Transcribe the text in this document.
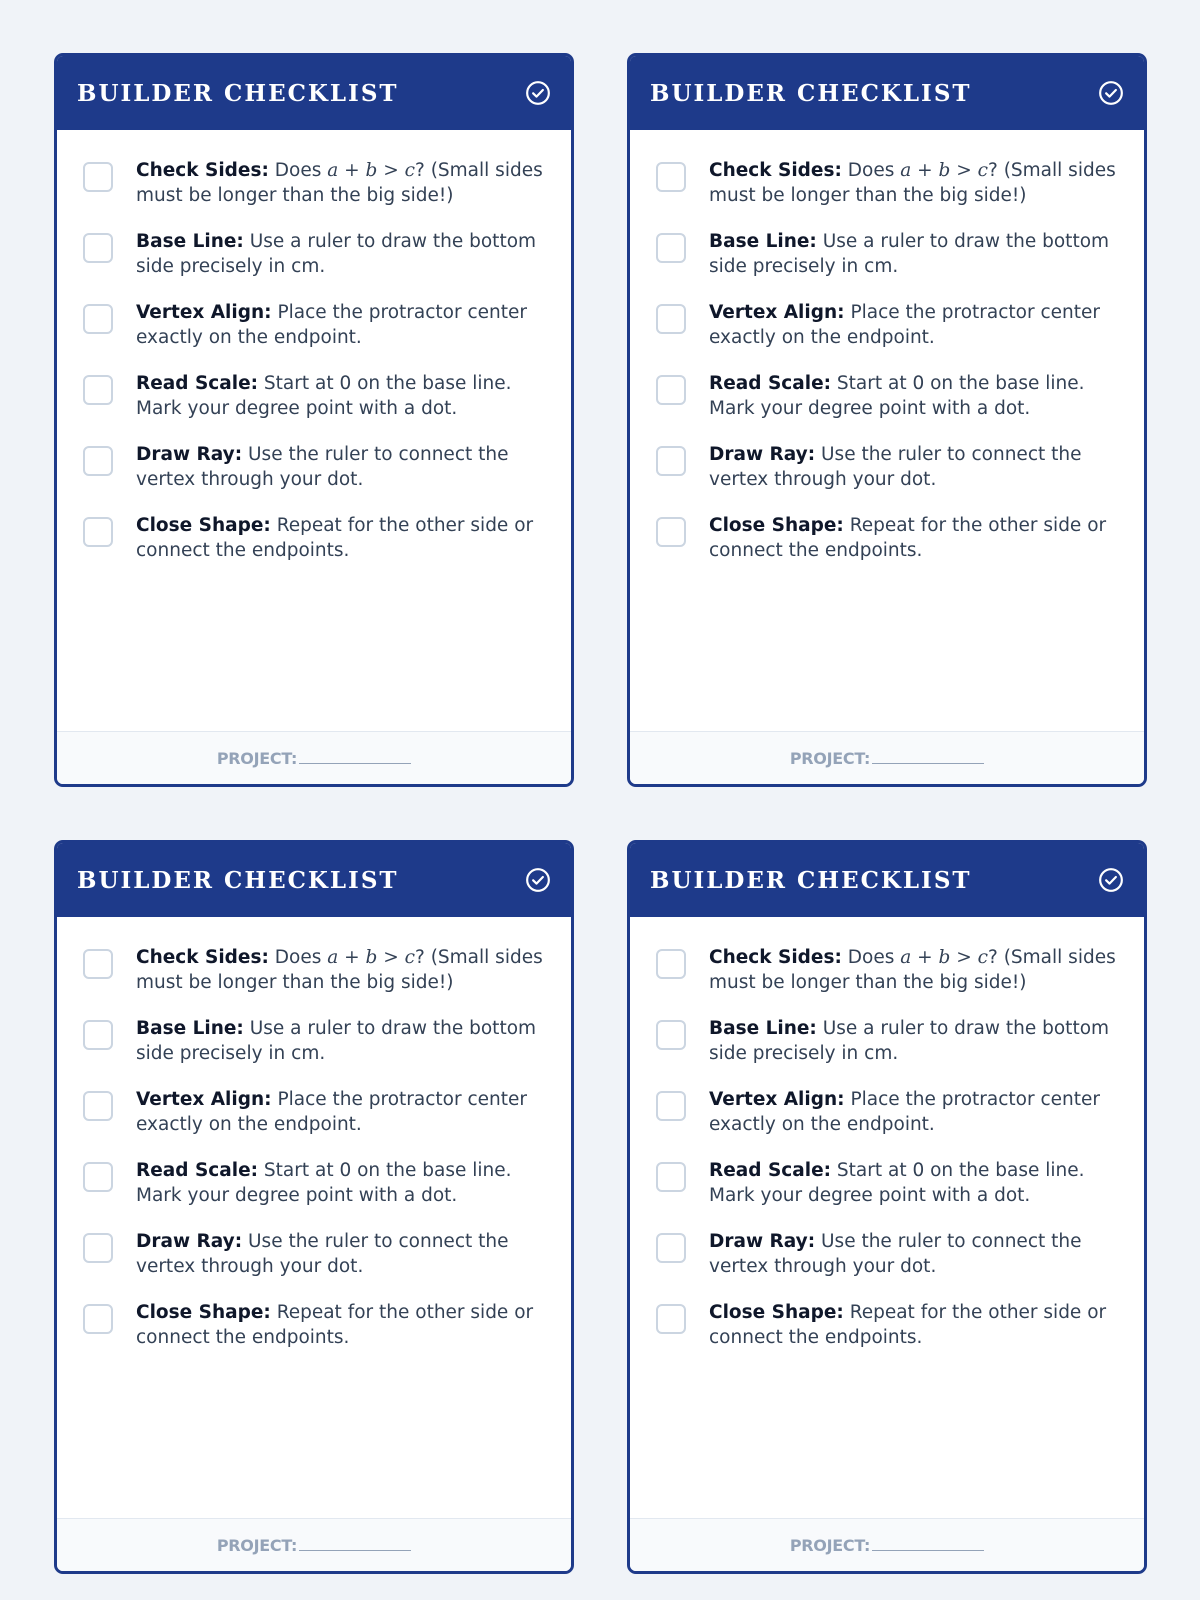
BUILDER CHECKLIST
Check Sides: Does a + b > c? (Small sides must be longer than the big side!)
Base Line: Use a ruler to draw the bottom side precisely in cm.
Vertex Align: Place the protractor center exactly on the endpoint.
Read Scale: Start at 0 on the base line. Mark your degree point with a dot.
Draw Ray: Use the ruler to connect the vertex through your dot.
Close Shape: Repeat for the other side or connect the endpoints.
PROJECT:
BUILDER CHECKLIST
Check Sides: Does a + b > c? (Small sides must be longer than the big side!)
Base Line: Use a ruler to draw the bottom side precisely in cm.
Vertex Align: Place the protractor center exactly on the endpoint.
Read Scale: Start at 0 on the base line. Mark your degree point with a dot.
Draw Ray: Use the ruler to connect the vertex through your dot.
Close Shape: Repeat for the other side or connect the endpoints.
PROJECT:
BUILDER CHECKLIST
Check Sides: Does a + b > c? (Small sides must be longer than the big side!)
Base Line: Use a ruler to draw the bottom side precisely in cm.
Vertex Align: Place the protractor center exactly on the endpoint.
Read Scale: Start at 0 on the base line. Mark your degree point with a dot.
Draw Ray: Use the ruler to connect the vertex through your dot.
Close Shape: Repeat for the other side or connect the endpoints.
PROJECT:
BUILDER CHECKLIST
Check Sides: Does a + b > c? (Small sides must be longer than the big side!)
Base Line: Use a ruler to draw the bottom side precisely in cm.
Vertex Align: Place the protractor center exactly on the endpoint.
Read Scale: Start at 0 on the base line. Mark your degree point with a dot.
Draw Ray: Use the ruler to connect the vertex through your dot.
Close Shape: Repeat for the other side or connect the endpoints.
PROJECT:
